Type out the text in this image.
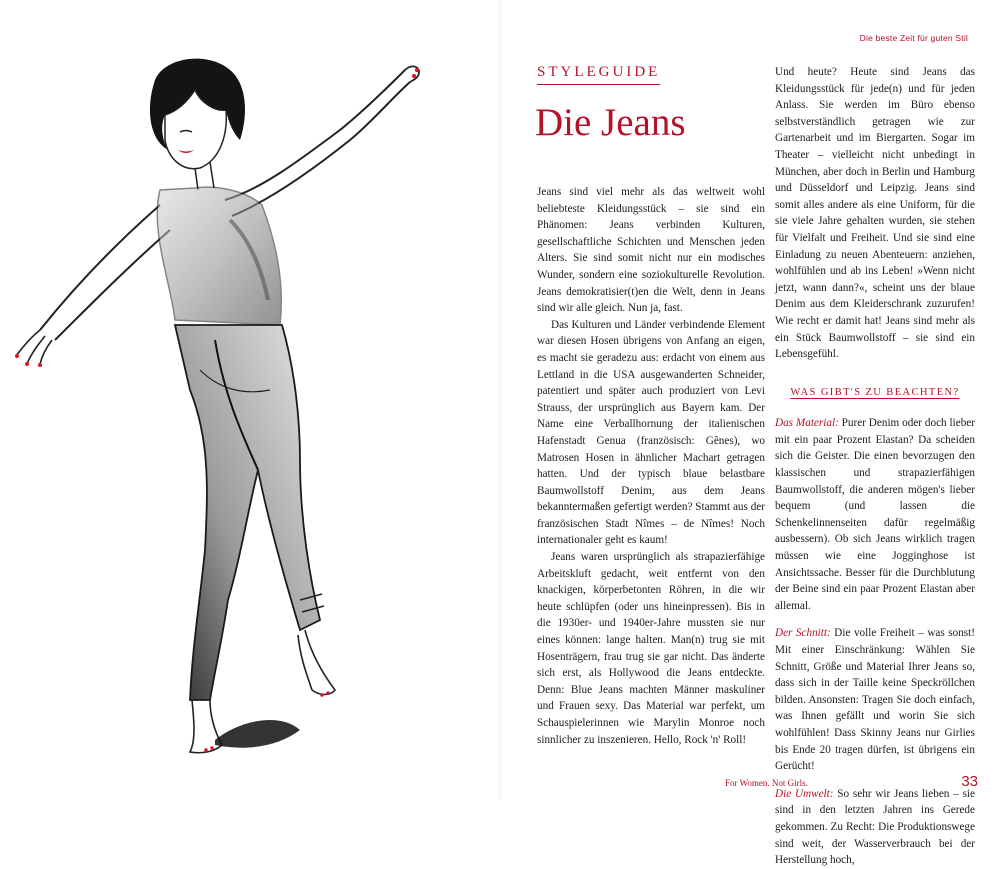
Die beste Zeit für guten Stil
STYLEGUIDE
Die Jeans

Jeans sind viel mehr als das weltweit wohl beliebteste Kleidungsstück – sie sind ein Phänomen: Jeans verbinden Kulturen, gesellschaftliche Schichten und Menschen jeden Alters. Sie sind somit nicht nur ein modisches Wunder, sondern eine soziokulturelle Revolution. Jeans demokratisier(t)en die Welt, denn in Jeans sind wir alle gleich. Nun ja, fast.

Das Kulturen und Länder verbindende Element war diesen Hosen übrigens von Anfang an eigen, es macht sie geradezu aus: erdacht von einem aus Lettland in die USA ausgewanderten Schneider, patentiert und später auch produziert von Levi Strauss, der ursprünglich aus Bayern kam. Der Name eine Verballhornung der italienischen Hafenstadt Genua (französisch: Gênes), wo Matrosen Hosen in ähnlicher Machart getragen hatten. Und der typisch blaue belastbare Baumwollstoff Denim, aus dem Jeans bekanntermaßen gefertigt werden? Stammt aus der französischen Stadt Nîmes – de Nîmes! Noch internationaler geht es kaum!

Jeans waren ursprünglich als strapazierfähige Arbeitskluft gedacht, weit entfernt von den knackigen, körperbetonten Röhren, in die wir heute schlüpfen (oder uns hineinpressen). Bis in die 1930er- und 1940er-Jahre mussten sie nur eines können: lange halten. Man(n) trug sie mit Hosenträgern, frau trug sie gar nicht. Das änderte sich erst, als Hollywood die Jeans entdeckte. Denn: Blue Jeans machten Männer maskuliner und Frauen sexy. Das Material war perfekt, um Schauspielerinnen wie Marylin Monroe noch sinnlicher zu inszenieren. Hello, Rock 'n' Roll!

Und heute? Heute sind Jeans das Kleidungsstück für jede(n) und für jeden Anlass. Sie werden im Büro ebenso selbstverständlich getragen wie zur Gartenarbeit und im Biergarten. Sogar im Theater – vielleicht nicht unbedingt in München, aber doch in Berlin und Hamburg und Düsseldorf und Leipzig. Jeans sind somit alles andere als eine Uniform, für die sie viele Jahre gehalten wurden, sie stehen für Vielfalt und Freiheit. Und sie sind eine Einladung zu neuen Abenteuern: anziehen, wohlfühlen und ab ins Leben! »Wenn nicht jetzt, wann dann?«, scheint uns der blaue Denim aus dem Kleiderschrank zuzurufen! Wie recht er damit hat! Jeans sind mehr als ein Stück Baumwollstoff – sie sind ein Lebensgefühl.

WAS GIBT'S ZU BEACHTEN?

Das Material: Purer Denim oder doch lieber mit ein paar Prozent Elastan? Da scheiden sich die Geister. Die einen bevorzugen den klassischen und strapazierfähigen Baumwollstoff, die anderen mögen's lieber bequem (und lassen die Schenkelinnenseiten dafür regelmäßig ausbessern). Ob sich Jeans wirklich tragen müssen wie eine Jogginghose ist Ansichtssache. Besser für die Durchblutung der Beine sind ein paar Prozent Elastan aber allemal.

Der Schnitt: Die volle Freiheit – was sonst! Mit einer Einschränkung: Wählen Sie Schnitt, Größe und Material Ihrer Jeans so, dass sich in der Taille keine Speckröllchen bilden. Ansonsten: Tragen Sie doch einfach, was Ihnen gefällt und worin Sie sich wohlfühlen! Dass Skinny Jeans nur Girlies bis Ende 20 tragen dürfen, ist übrigens ein Gerücht!

Die Umwelt: So sehr wir Jeans lieben – sie sind in den letzten Jahren ins Gerede gekommen. Zu Recht: Die Produktionswege sind weit, der Wasserverbrauch bei der Herstellung hoch,

For Women. Not Girls.	33
